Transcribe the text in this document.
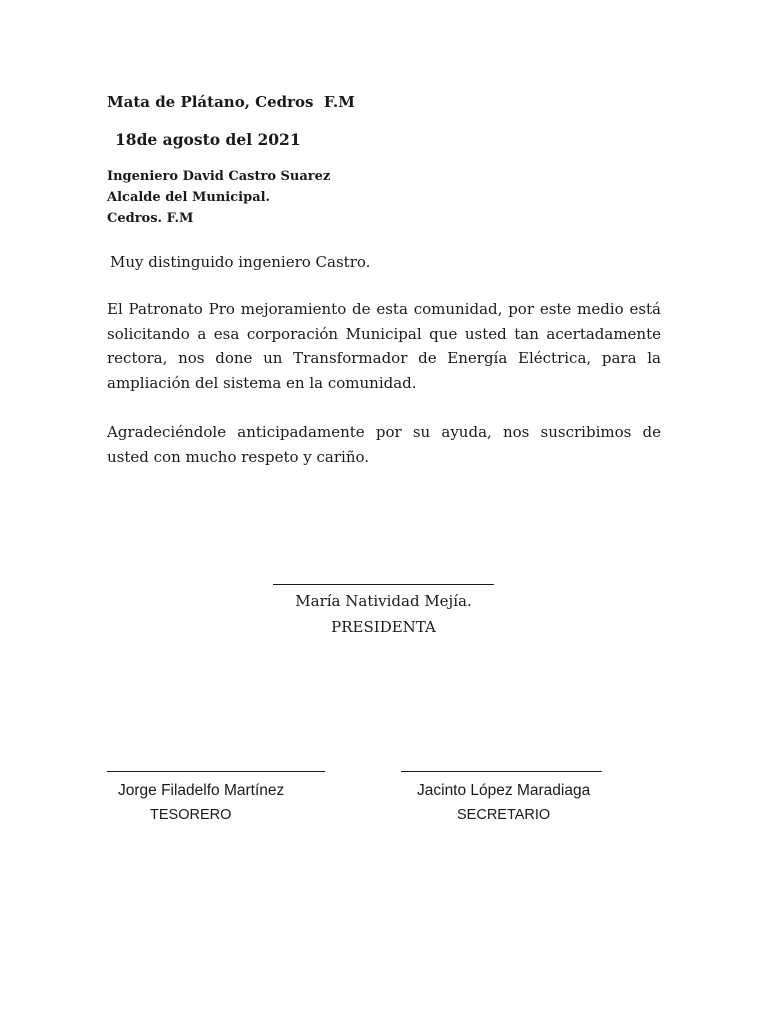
Mata de Plátano, Cedros  F.M
18de agosto del 2021
Ingeniero David Castro Suarez
Alcalde del Municipal.
Cedros. F.M
Muy distinguido ingeniero Castro.

El Patronato Pro mejoramiento de esta comunidad, por este medio está solicitando a esa corporación Municipal que usted tan acertadamente rectora, nos done un Transformador de Energía Eléctrica, para la ampliación del sistema en la comunidad.

Agradeciéndole anticipadamente por su ayuda, nos suscribimos de usted con mucho respeto y cariño.

María Natividad Mejía.
PRESIDENTA
Jorge Filadelfo Martínez
TESORERO
Jacinto López Maradiaga
SECRETARIO
